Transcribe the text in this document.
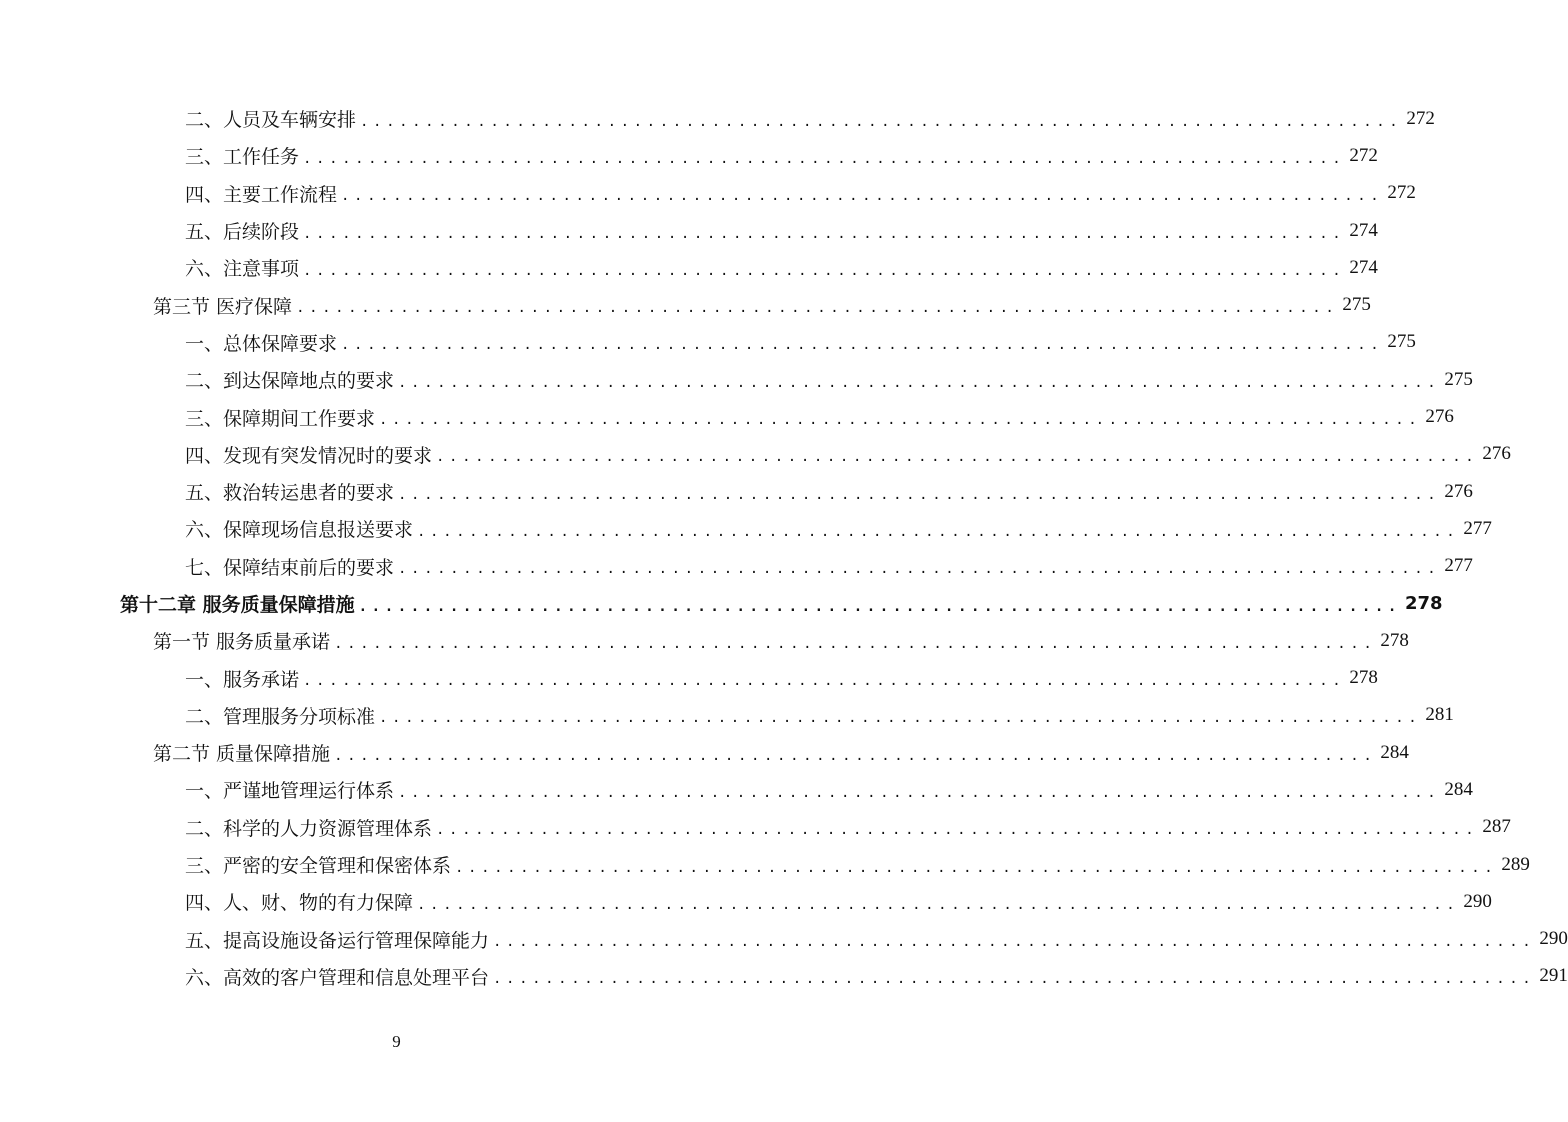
二、 人员及车辆安排 ................................................................................ 272
三、 工作任务 ................................................................................ 272
四、 主要工作流程 ................................................................................ 272
五、 后续阶段 ................................................................................ 274
六、 注意事项 ................................................................................ 274
第三节 医疗保障 ................................................................................ 275
一、 总体保障要求 ................................................................................ 275
二、 到达保障地点的要求 ................................................................................ 275
三、 保障期间工作要求 ................................................................................ 276
四、 发现有突发情况时的要求 ................................................................................ 276
五、 救治转运患者的要求 ................................................................................ 276
六、 保障现场信息报送要求 ................................................................................ 277
七、 保障结束前后的要求 ................................................................................ 277
第十二章 服务质量保障措施 ................................................................................ 278
第一节 服务质量承诺 ................................................................................ 278
一、 服务承诺 ................................................................................ 278
二、 管理服务分项标准 ................................................................................ 281
第二节 质量保障措施 ................................................................................ 284
一、 严谨地管理运行体系 ................................................................................ 284
二、 科学的人力资源管理体系 ................................................................................ 287
三、 严密的安全管理和保密体系 ................................................................................ 289
四、 人、财、物的有力保障 ................................................................................ 290
五、 提高设施设备运行管理保障能力 ................................................................................ 290
六、 高效的客户管理和信息处理平台 ................................................................................ 291
9
